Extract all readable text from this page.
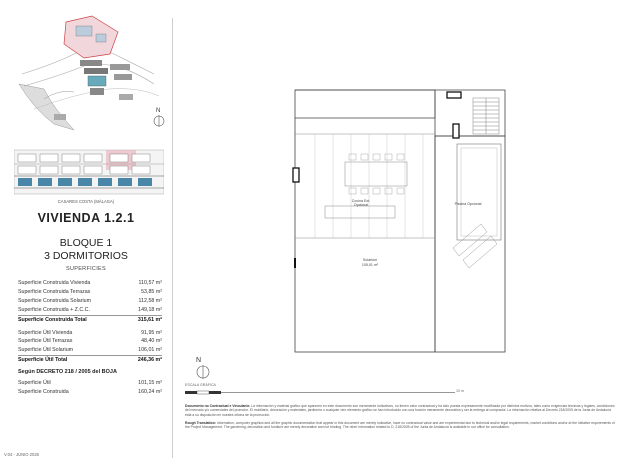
N
CASARES COSTA (MÁLAGA)
VIVIENDA 1.2.1
BLOQUE 1
3 DORMITORIOS
SUPERFICIES
Superficie Construida Vivienda	110,57 m²
Superficie Construida Terrazas	53,85 m²
Superficie Construida Solarium	112,58 m²
Superficie Construida + Z.C.C.	149,18 m²
Superficie Construida Total	315,61 m²
Superficie Útil Vivienda	91,95 m²
Superficie Útil Terrazas	48,40 m²
Superficie Útil Solarium	106,01 m²
Superficie Útil Total	246,36 m²
Según DECRETO 218 / 2005 del BOJA
Superficie Útil	101,15 m²
Superficie Construida	160,24 m²
V.04 - JUNIO 2025
Cocina Ext.
Opcional	Piscina Opcional
Solarium
105,01 m²
N
ESCALA GRÁFICA
10 m
Documento no Contractual e Vinculante. La información y material gráfico que aparecen en este documento son meramente indicativos, no tienen valor contractual y ha sido puesta expresamente modificada por distintos motivos, tales como exigencias técnicas y legales, condiciones del mercado y/o comerciales del promotor. El mobiliario, decoración y materiales, jardinería o cualquier otro elemento gráfico se han introducido con una función meramente decorativa y ser la entrega al comprador. La información relativa al Decreto 218/2005 de la Junta de Andalucía está a su disposición en nuestra oficina de la promoción.

Rough Translation: Information, computer graphics and all the graphic documentation that appear in this document are merely indicative, have no contractual value and are experimental due to technical and/or legal requirements, market conditions and/or at the initiative requirements of the Project Management. The gardening, decoration and furniture are merely decorative and not binding. The other information related to D. 218/2005 of the Junta de Andalucía is available in our office for consultation.
